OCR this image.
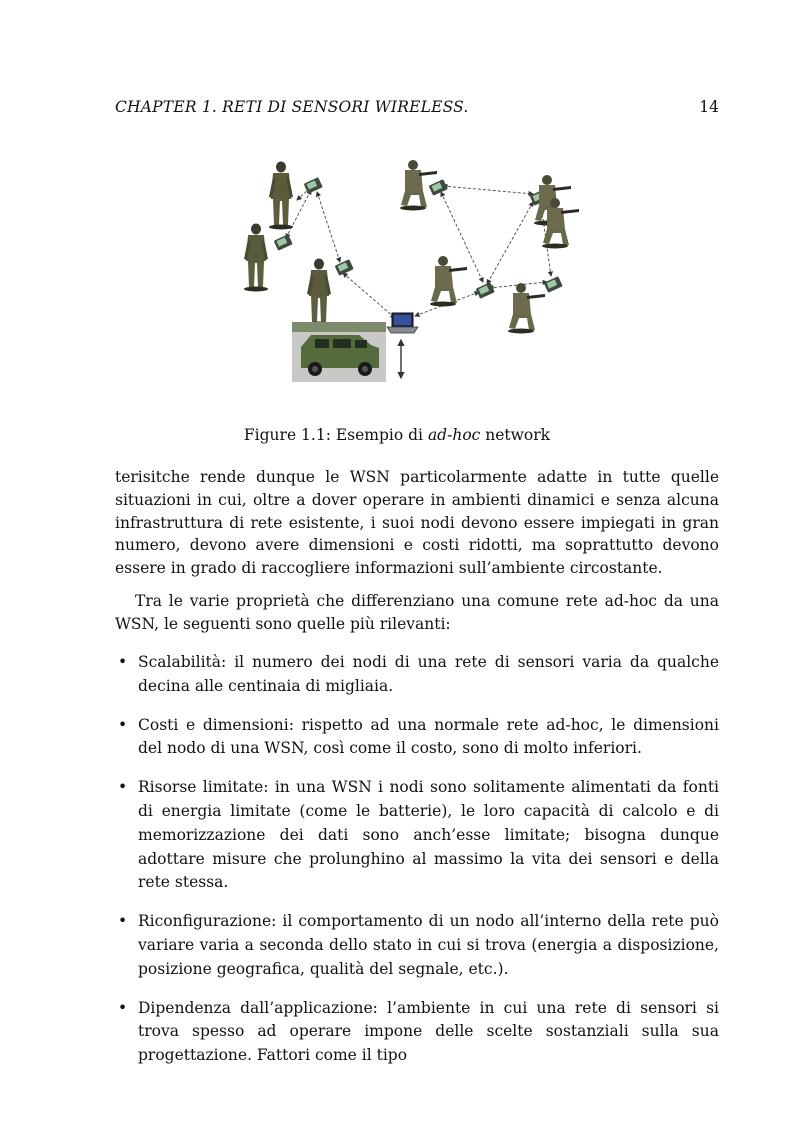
CHAPTER 1. RETI DI SENSORI WIRELESS.	14
Figure 1.1: Esempio di ad-hoc network

terisitche rende dunque le WSN particolarmente adatte in tutte quelle situazioni in cui, oltre a dover operare in ambienti dinamici e senza alcuna infrastruttura di rete esistente, i suoi nodi devono essere impiegati in gran numero, devono avere dimensioni e costi ridotti, ma soprattutto devono essere in grado di raccogliere informazioni sull’ambiente circostante.

Tra le varie proprietà che differenziano una comune rete ad-hoc da una WSN, le seguenti sono quelle più rilevanti:

• Scalabilità: il numero dei nodi di una rete di sensori varia da qualche decina alle centinaia di migliaia.
• Costi e dimensioni: rispetto ad una normale rete ad-hoc, le dimensioni del nodo di una WSN, così come il costo, sono di molto inferiori.
• Risorse limitate: in una WSN i nodi sono solitamente alimentati da fonti di energia limitate (come le batterie), le loro capacità di calcolo e di memorizzazione dei dati sono anch’esse limitate; bisogna dunque adottare misure che prolunghino al massimo la vita dei sensori e della rete stessa.
• Riconfigurazione: il comportamento di un nodo all’interno della rete può variare varia a seconda dello stato in cui si trova (energia a disposizione, posizione geografica, qualità del segnale, etc.).
• Dipendenza dall’applicazione: l’ambiente in cui una rete di sensori si trova spesso ad operare impone delle scelte sostanziali sulla sua progettazione. Fattori come il tipo
